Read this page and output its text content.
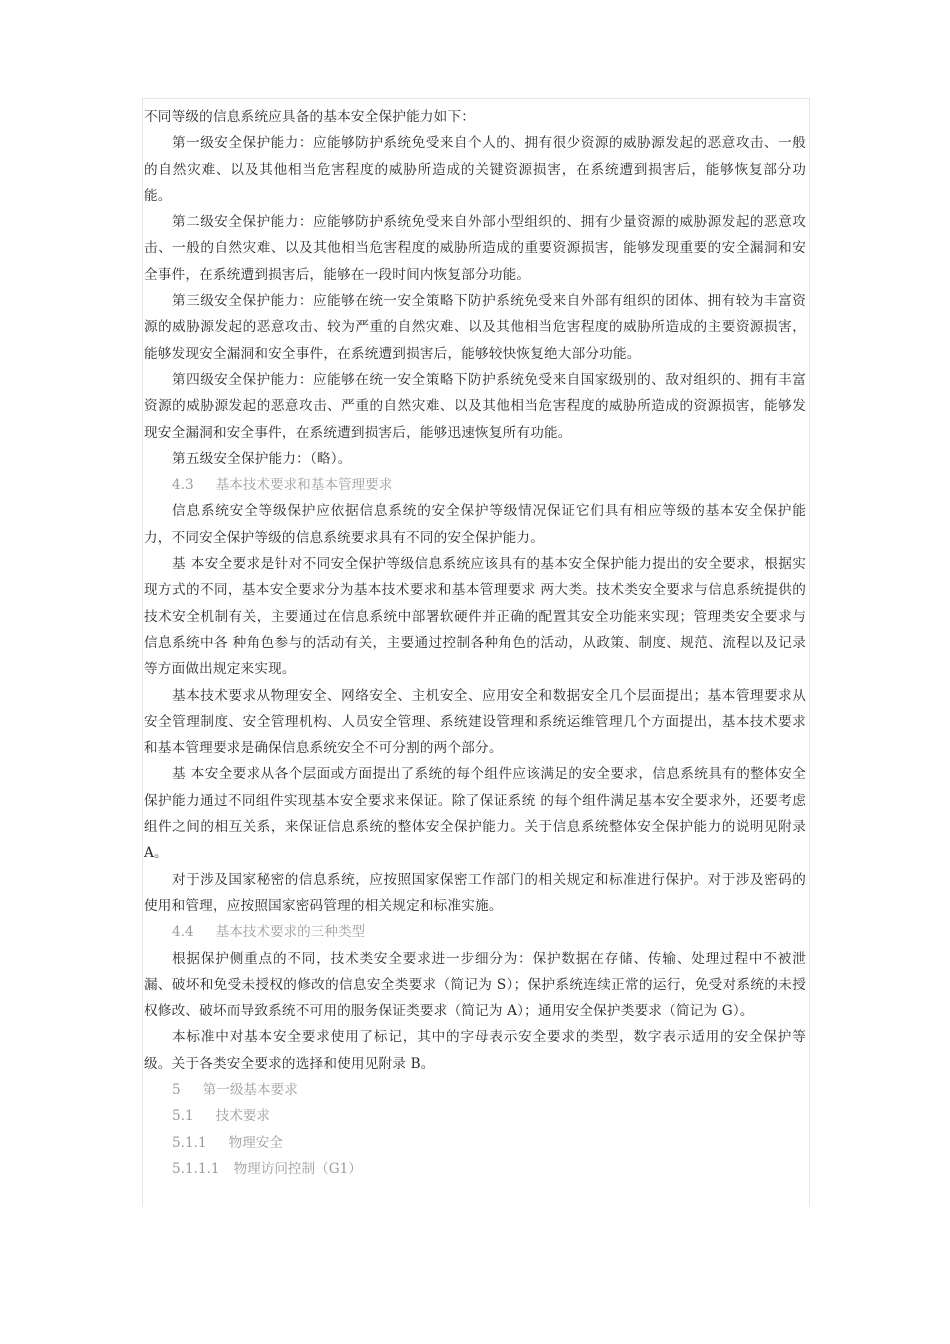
不同等级的信息系统应具备的基本安全保护能力如下：

第一级安全保护能力：应能够防护系统免受来自个人的、拥有很少资源的威胁源发起的恶意攻击、一般的自然灾难、以及其他相当危害程度的威胁所造成的关键资源损害，在系统遭到损害后，能够恢复部分功能。

第二级安全保护能力：应能够防护系统免受来自外部小型组织的、拥有少量资源的威胁源发起的恶意攻击、一般的自然灾难、以及其他相当危害程度的威胁所造成的重要资源损害，能够发现重要的安全漏洞和安全事件，在系统遭到损害后，能够在一段时间内恢复部分功能。

第三级安全保护能力：应能够在统一安全策略下防护系统免受来自外部有组织的团体、拥有较为丰富资源的威胁源发起的恶意攻击、较为严重的自然灾难、以及其他相当危害程度的威胁所造成的主要资源损害，能够发现安全漏洞和安全事件，在系统遭到损害后，能够较快恢复绝大部分功能。

第四级安全保护能力：应能够在统一安全策略下防护系统免受来自国家级别的、敌对组织的、拥有丰富资源的威胁源发起的恶意攻击、严重的自然灾难、以及其他相当危害程度的威胁所造成的资源损害，能够发现安全漏洞和安全事件，在系统遭到损害后，能够迅速恢复所有功能。

第五级安全保护能力：（略）。

4.3 基本技术要求和基本管理要求

信息系统安全等级保护应依据信息系统的安全保护等级情况保证它们具有相应等级的基本安全保护能力，不同安全保护等级的信息系统要求具有不同的安全保护能力。

基 本安全要求是针对不同安全保护等级信息系统应该具有的基本安全保护能力提出的安全要求，根据实现方式的不同，基本安全要求分为基本技术要求和基本管理要求 两大类。技术类安全要求与信息系统提供的技术安全机制有关，主要通过在信息系统中部署软硬件并正确的配置其安全功能来实现；管理类安全要求与信息系统中各 种角色参与的活动有关，主要通过控制各种角色的活动，从政策、制度、规范、流程以及记录等方面做出规定来实现。

基本技术要求从物理安全、网络安全、主机安全、应用安全和数据安全几个层面提出；基本管理要求从安全管理制度、安全管理机构、人员安全管理、系统建设管理和系统运维管理几个方面提出，基本技术要求和基本管理要求是确保信息系统安全不可分割的两个部分。

基 本安全要求从各个层面或方面提出了系统的每个组件应该满足的安全要求，信息系统具有的整体安全保护能力通过不同组件实现基本安全要求来保证。除了保证系统 的每个组件满足基本安全要求外，还要考虑组件之间的相互关系，来保证信息系统的整体安全保护能力。关于信息系统整体安全保护能力的说明见附录 A。

对于涉及国家秘密的信息系统，应按照国家保密工作部门的相关规定和标准进行保护。对于涉及密码的使用和管理，应按照国家密码管理的相关规定和标准实施。

4.4 基本技术要求的三种类型

根据保护侧重点的不同，技术类安全要求进一步细分为：保护数据在存储、传输、处理过程中不被泄漏、破坏和免受未授权的修改的信息安全类要求（简记为 S）；保护系统连续正常的运行，免受对系统的未授权修改、破坏而导致系统不可用的服务保证类要求（简记为 A）；通用安全保护类要求（简记为 G）。

本标准中对基本安全要求使用了标记，其中的字母表示安全要求的类型，数字表示适用的安全保护等级。关于各类安全要求的选择和使用见附录 B。

5 第一级基本要求
5.1 技术要求
5.1.1 物理安全
5.1.1.1 物理访问控制（G1）
